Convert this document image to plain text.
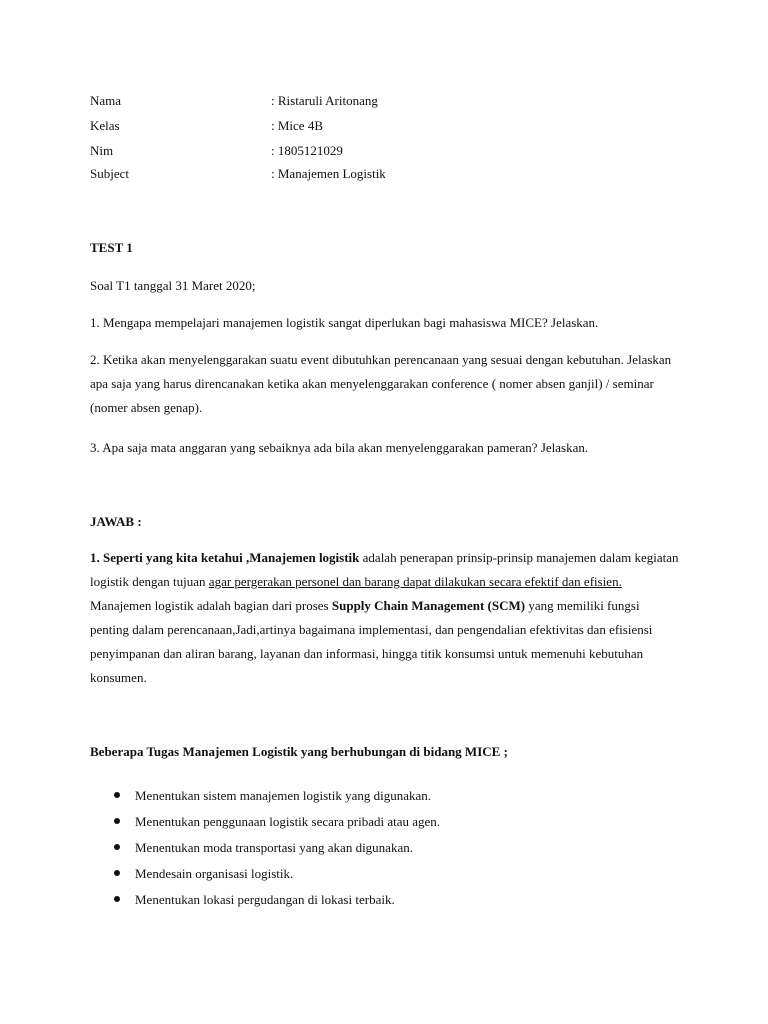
Nama	: Ristaruli Aritonang
Kelas	: Mice 4B
Nim	: 1805121029
Subject	: Manajemen Logistik
TEST 1
Soal T1 tanggal 31 Maret 2020;
1. Mengapa mempelajari manajemen logistik sangat diperlukan bagi mahasiswa MICE? Jelaskan.
2. Ketika akan menyelenggarakan suatu event dibutuhkan perencanaan yang sesuai dengan kebutuhan. Jelaskan apa saja yang harus direncanakan ketika akan menyelenggarakan conference ( nomer absen ganjil) / seminar (nomer absen genap).
3. Apa saja mata anggaran yang sebaiknya ada bila akan menyelenggarakan pameran? Jelaskan.
JAWAB :
1. Seperti yang kita ketahui ,Manajemen logistik adalah penerapan prinsip-prinsip manajemen dalam kegiatan logistik dengan tujuan agar pergerakan personel dan barang dapat dilakukan secara efektif dan efisien. Manajemen logistik adalah bagian dari proses Supply Chain Management (SCM) yang memiliki fungsi penting dalam perencanaan,Jadi,artinya bagaimana implementasi, dan pengendalian efektivitas dan efisiensi penyimpanan dan aliran barang, layanan dan informasi, hingga titik konsumsi untuk memenuhi kebutuhan konsumen.
Beberapa Tugas Manajemen Logistik yang berhubungan di bidang MICE ;
Menentukan sistem manajemen logistik yang digunakan.
Menentukan penggunaan logistik secara pribadi atau agen.
Menentukan moda transportasi yang akan digunakan.
Mendesain organisasi logistik.
Menentukan lokasi pergudangan di lokasi terbaik.
